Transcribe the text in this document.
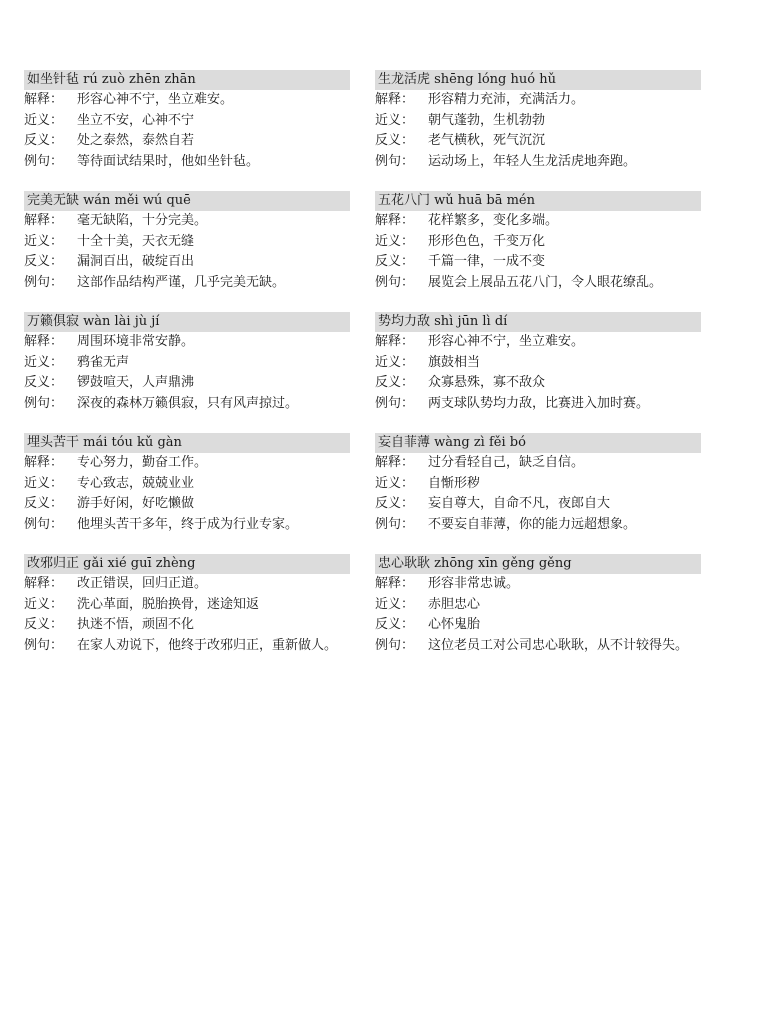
如坐针毡 rú zuò zhēn zhān
解释：	形容心神不宁，坐立难安。
近义：	坐立不安，心神不宁
反义：	处之泰然，泰然自若
例句：	等待面试结果时，他如坐针毡。
完美无缺 wán měi wú quē
解释：	毫无缺陷，十分完美。
近义：	十全十美，天衣无缝
反义：	漏洞百出，破绽百出
例句：	这部作品结构严谨，几乎完美无缺。
万籁俱寂 wàn lài jù jí
解释：	周围环境非常安静。
近义：	鸦雀无声
反义：	锣鼓喧天，人声鼎沸
例句：	深夜的森林万籁俱寂，只有风声掠过。
埋头苦干 mái tóu kǔ gàn
解释：	专心努力，勤奋工作。
近义：	专心致志，兢兢业业
反义：	游手好闲，好吃懒做
例句：	他埋头苦干多年，终于成为行业专家。
改邪归正 gǎi xié guī zhèng
解释：	改正错误，回归正道。
近义：	洗心革面，脱胎换骨，迷途知返
反义：	执迷不悟，顽固不化
例句：	在家人劝说下，他终于改邪归正，重新做人。
生龙活虎 shēng lóng huó hǔ
解释：	形容精力充沛，充满活力。
近义：	朝气蓬勃，生机勃勃
反义：	老气横秋，死气沉沉
例句：	运动场上，年轻人生龙活虎地奔跑。
五花八门 wǔ huā bā mén
解释：	花样繁多，变化多端。
近义：	形形色色，千变万化
反义：	千篇一律，一成不变
例句：	展览会上展品五花八门，令人眼花缭乱。
势均力敌 shì jūn lì dí
解释：	形容心神不宁，坐立难安。
近义：	旗鼓相当
反义：	众寡悬殊，寡不敌众
例句：	两支球队势均力敌，比赛进入加时赛。
妄自菲薄 wàng zì fěi bó
解释：	过分看轻自己，缺乏自信。
近义：	自惭形秽
反义：	妄自尊大，自命不凡，夜郎自大
例句：	不要妄自菲薄，你的能力远超想象。
忠心耿耿 zhōng xīn gěng gěng
解释：	形容非常忠诚。
近义：	赤胆忠心
反义：	心怀鬼胎
例句：	这位老员工对公司忠心耿耿，从不计较得失。
